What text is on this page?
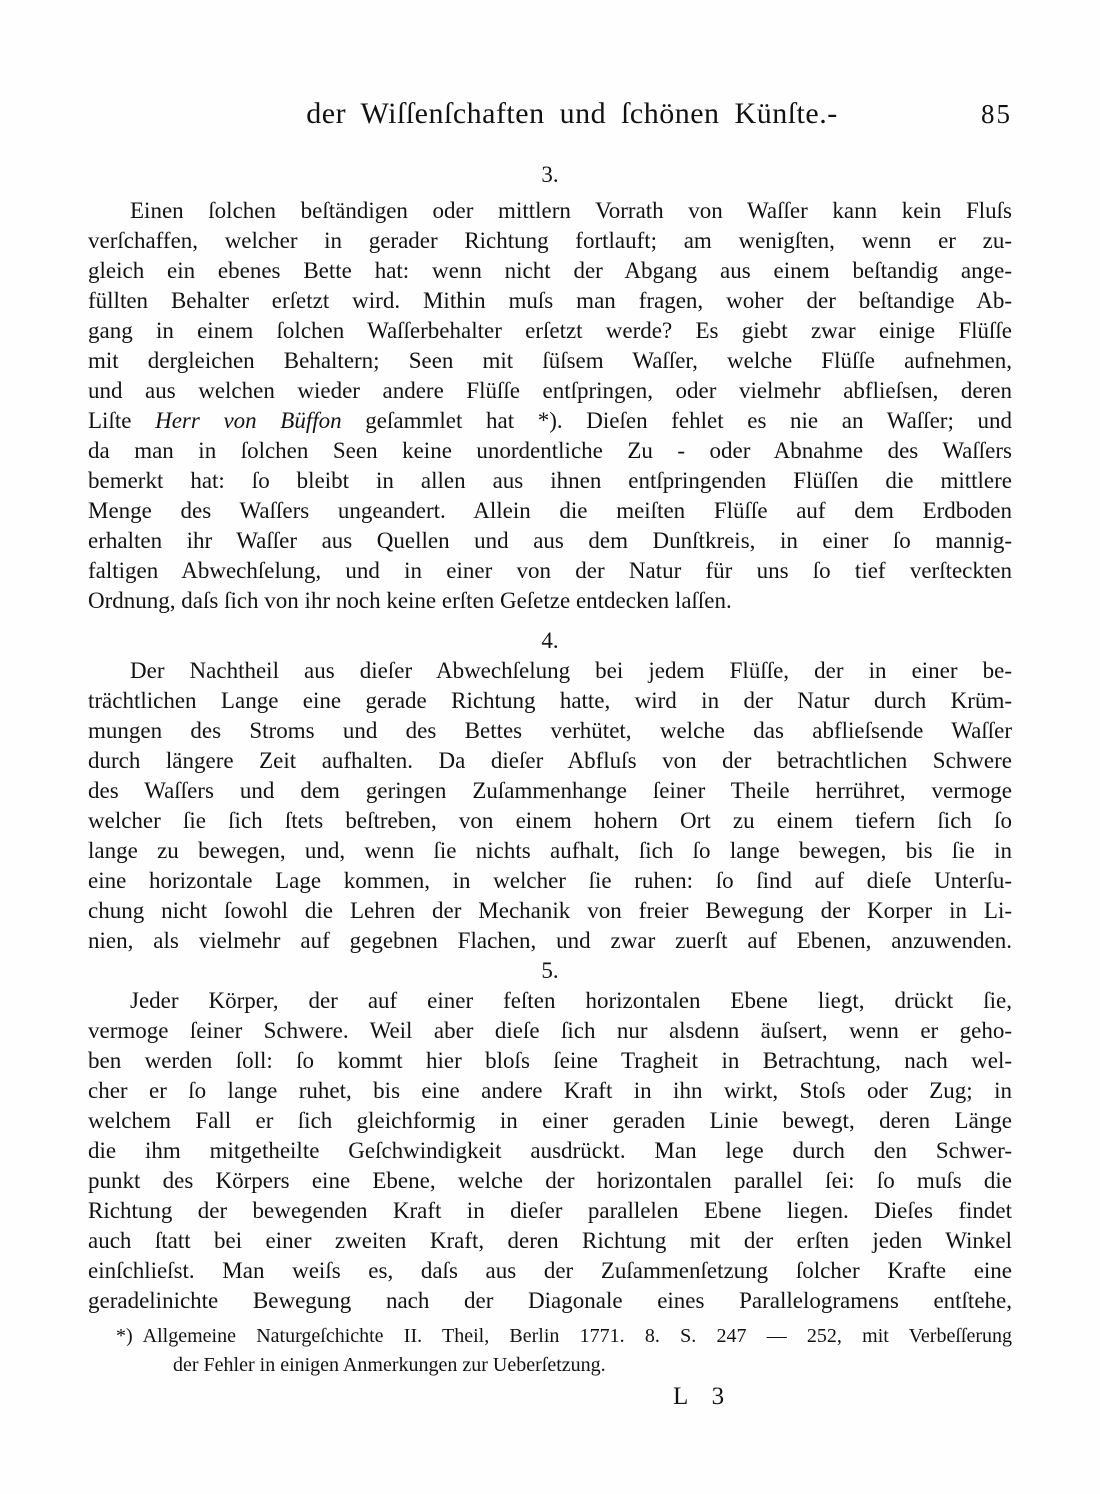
der Wiſſenſchaften und ſchönen Künſte.-	85
3.
Einen ſolchen beſtändigen oder mittlern Vorrath von Waſſer kann kein Fluſs
verſchaffen, welcher in gerader Richtung fortlauft; am wenigſten, wenn er zu-
gleich ein ebenes Bette hat: wenn nicht der Abgang aus einem beſtandig ange-
füllten Behalter erſetzt wird. Mithin muſs man fragen, woher der beſtandige Ab-
gang in einem ſolchen Waſſerbehalter erſetzt werde? Es giebt zwar einige Flüſſe
mit dergleichen Behaltern; Seen mit ſüſsem Waſſer, welche Flüſſe aufnehmen,
und aus welchen wieder andere Flüſſe entſpringen, oder vielmehr abflieſsen, deren
Liſte Herr von Büffon geſammlet hat *). Dieſen fehlet es nie an Waſſer; und
da man in ſolchen Seen keine unordentliche Zu - oder Abnahme des Waſſers
bemerkt hat: ſo bleibt in allen aus ihnen entſpringenden Flüſſen die mittlere
Menge des Waſſers ungeandert. Allein die meiſten Flüſſe auf dem Erdboden
erhalten ihr Waſſer aus Quellen und aus dem Dunſtkreis, in einer ſo mannig-
faltigen Abwechſelung, und in einer von der Natur für uns ſo tief verſteckten
Ordnung, daſs ſich von ihr noch keine erſten Geſetze entdecken laſſen.
4.
Der Nachtheil aus dieſer Abwechſelung bei jedem Flüſſe, der in einer be-
trächtlichen Lange eine gerade Richtung hatte, wird in der Natur durch Krüm-
mungen des Stroms und des Bettes verhütet, welche das abflieſsende Waſſer
durch längere Zeit aufhalten. Da dieſer Abfluſs von der betrachtlichen Schwere
des Waſſers und dem geringen Zuſammenhange ſeiner Theile herrühret, vermoge
welcher ſie ſich ſtets beſtreben, von einem hohern Ort zu einem tiefern ſich ſo
lange zu bewegen, und, wenn ſie nichts aufhalt, ſich ſo lange bewegen, bis ſie in
eine horizontale Lage kommen, in welcher ſie ruhen: ſo ſind auf dieſe Unterſu-
chung nicht ſowohl die Lehren der Mechanik von freier Bewegung der Korper in Li-
nien, als vielmehr auf gegebnen Flachen, und zwar zuerſt auf Ebenen, anzuwenden.
5.
Jeder Körper, der auf einer feſten horizontalen Ebene liegt, drückt ſie,
vermoge ſeiner Schwere. Weil aber dieſe ſich nur alsdenn äuſsert, wenn er geho-
ben werden ſoll: ſo kommt hier bloſs ſeine Tragheit in Betrachtung, nach wel-
cher er ſo lange ruhet, bis eine andere Kraft in ihn wirkt, Stoſs oder Zug; in
welchem Fall er ſich gleichformig in einer geraden Linie bewegt, deren Länge
die ihm mitgetheilte Geſchwindigkeit ausdrückt. Man lege durch den Schwer-
punkt des Körpers eine Ebene, welche der horizontalen parallel ſei: ſo muſs die
Richtung der bewegenden Kraft in dieſer parallelen Ebene liegen. Dieſes findet
auch ſtatt bei einer zweiten Kraft, deren Richtung mit der erſten jeden Winkel
einſchlieſst. Man weiſs es, daſs aus der Zuſammenſetzung ſolcher Krafte eine
geradelinichte Bewegung nach der Diagonale eines Parallelogramens entſtehe,
*) Allgemeine Naturgeſchichte II. Theil, Berlin 1771. 8. S. 247 — 252, mit Verbeſſerung
der Fehler in einigen Anmerkungen zur Ueberſetzung.
L 3
